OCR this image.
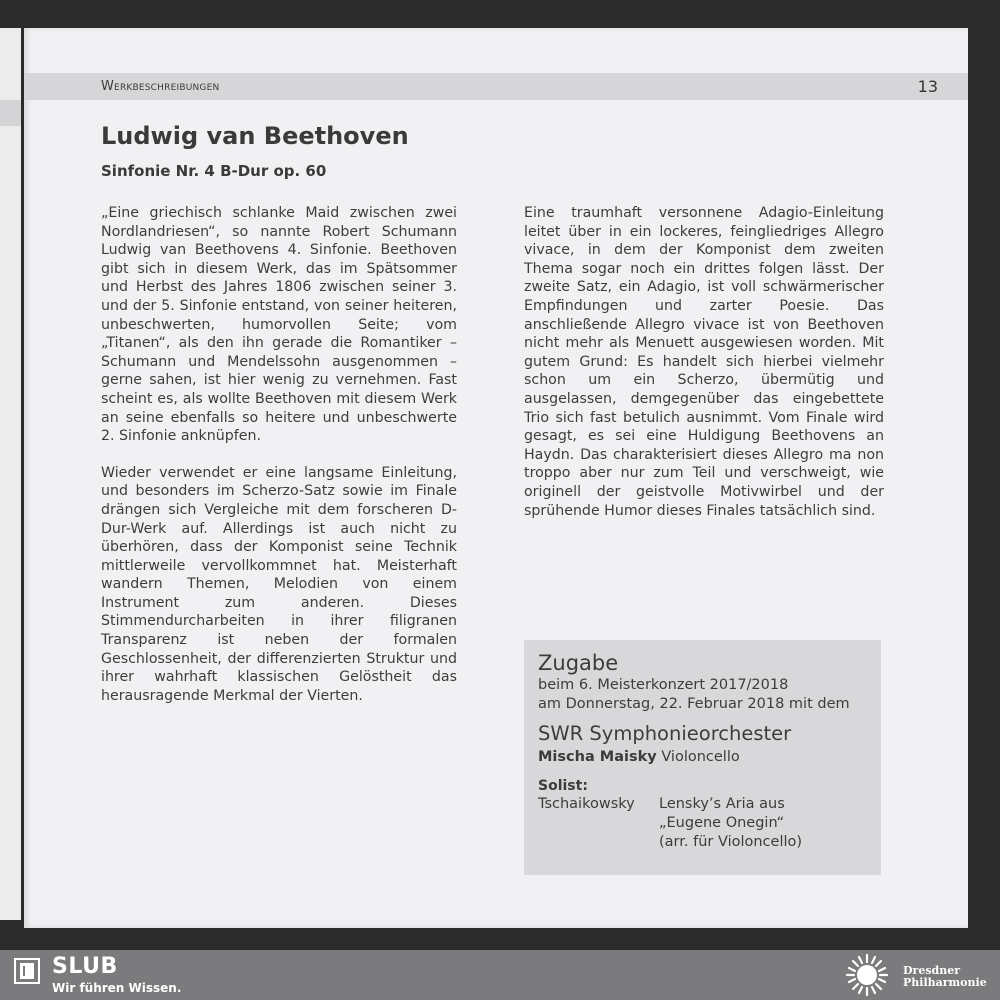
Werkbeschreibungen	13
Ludwig van Beethoven
Sinfonie Nr. 4 B-Dur op. 60

„Eine griechisch schlanke Maid zwischen zwei Nordlandriesen“, so nannte Robert Schumann Ludwig van Beethovens 4. Sinfonie. Beethoven gibt sich in diesem Werk, das im Spätsommer und Herbst des Jahres 1806 zwischen seiner 3. und der 5. Sinfonie entstand, von seiner heiteren, unbeschwerten, humorvollen Seite; vom „Titanen“, als den ihn gerade die Romantiker – Schumann und Mendelssohn ausgenommen – gerne sahen, ist hier wenig zu vernehmen. Fast scheint es, als wollte Beethoven mit diesem Werk an seine ebenfalls so heitere und unbeschwerte 2. Sinfonie anknüpfen.

Wieder verwendet er eine langsame Einleitung, und besonders im Scherzo-Satz sowie im Finale drängen sich Vergleiche mit dem forscheren D-Dur-Werk auf. Allerdings ist auch nicht zu überhören, dass der Komponist seine Technik mittlerweile vervollkommnet hat. Meisterhaft wandern Themen, Melodien von einem Instrument zum anderen. Dieses Stimmendurcharbeiten in ihrer filigranen Transparenz ist neben der formalen Geschlossenheit, der differenzierten Struktur und ihrer wahrhaft klassischen Gelöstheit das herausragende Merkmal der Vierten.

Eine traumhaft versonnene Adagio-Einleitung leitet über in ein lockeres, feingliedriges Allegro vivace, in dem der Komponist dem zweiten Thema sogar noch ein drittes folgen lässt. Der zweite Satz, ein Adagio, ist voll schwärmerischer Empfindungen und zarter Poesie. Das anschließende Allegro vivace ist von Beethoven nicht mehr als Menuett ausgewiesen worden. Mit gutem Grund: Es handelt sich hierbei vielmehr schon um ein Scherzo, übermütig und ausgelassen, demgegenüber das eingebettete Trio sich fast betulich ausnimmt. Vom Finale wird gesagt, es sei eine Huldigung Beethovens an Haydn. Das charakterisiert dieses Allegro ma non troppo aber nur zum Teil und verschweigt, wie originell der geistvolle Motivwirbel und der sprühende Humor dieses Finales tatsächlich sind.

Zugabe
beim 6. Meisterkonzert 2017/2018
am Donnerstag, 22. Februar 2018 mit dem
SWR Symphonieorchester
Mischa Maisky Violoncello
Solist:
Tschaikowsky	Lensky’s Aria aus
„Eugene Onegin“
(arr. für Violoncello)
SLUB
Wir führen Wissen.
Dresdner
Philharmonie
